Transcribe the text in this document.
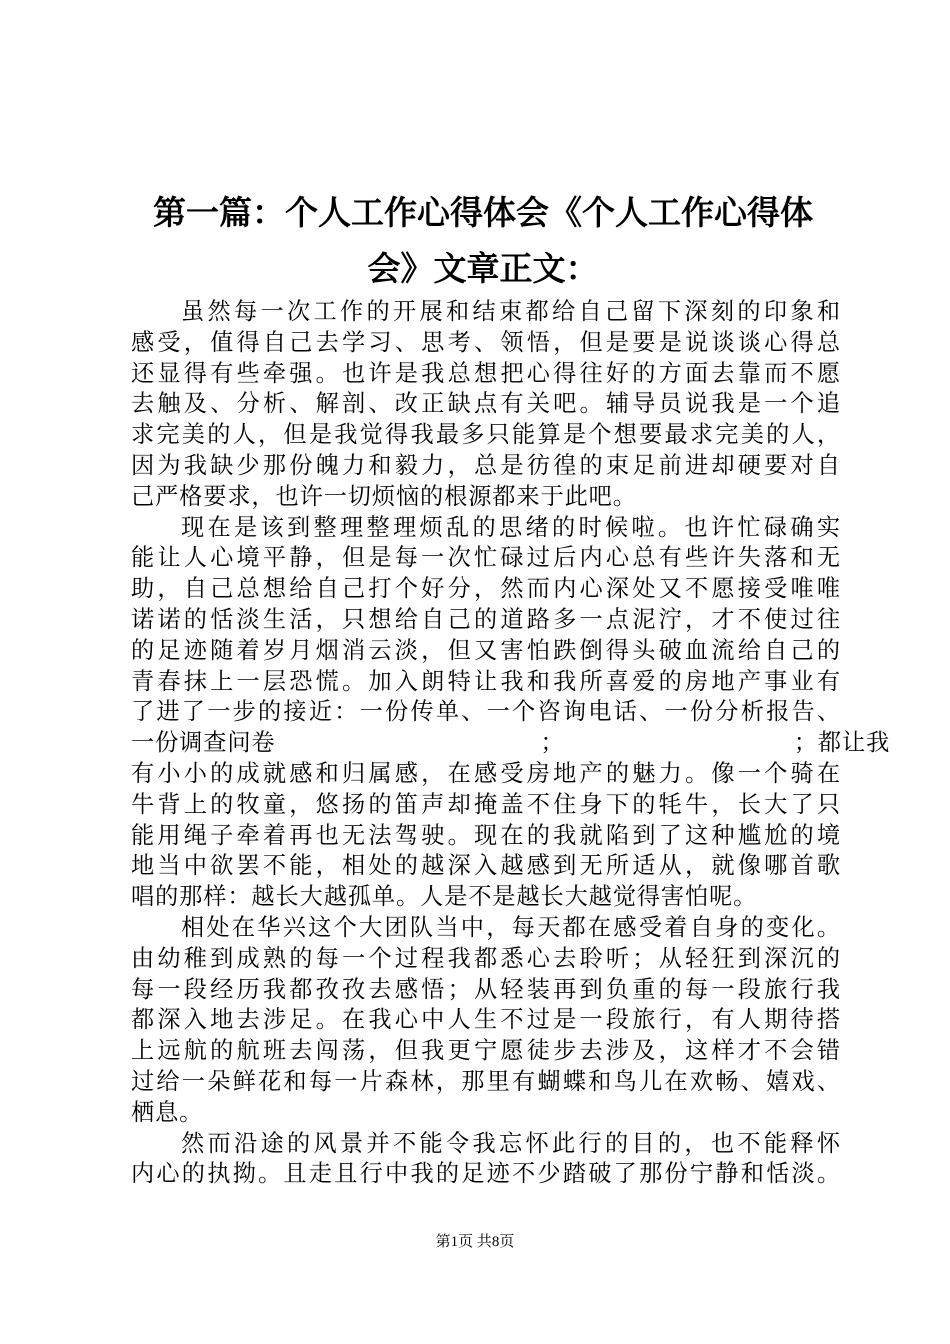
第一篇：个人工作心得体会《个人工作心得体
会》文章正文：

虽然每一次工作的开展和结束都给自己留下深刻的印象和
感受，值得自己去学习、思考、领悟，但是要是说谈谈心得总
还显得有些牵强。也许是我总想把心得往好的方面去靠而不愿
去触及、分析、解剖、改正缺点有关吧。辅导员说我是一个追
求完美的人，但是我觉得我最多只能算是个想要最求完美的人，
因为我缺少那份魄力和毅力，总是彷徨的束足前进却硬要对自
己严格要求，也许一切烦恼的根源都来于此吧。

现在是该到整理整理烦乱的思绪的时候啦。也许忙碌确实
能让人心境平静，但是每一次忙碌过后内心总有些许失落和无
助，自己总想给自己打个好分，然而内心深处又不愿接受唯唯
诺诺的恬淡生活，只想给自己的道路多一点泥泞，才不使过往
的足迹随着岁月烟消云淡，但又害怕跌倒得头破血流给自己的
青春抹上一层恐慌。加入朗特让我和我所喜爱的房地产事业有
了进了一步的接近：一份传单、一个咨询电话、一份分析报告、
一份调查问卷　　　　　　　　　　　；　　　　　　　　　　；都让我
有小小的成就感和归属感，在感受房地产的魅力。像一个骑在
牛背上的牧童，悠扬的笛声却掩盖不住身下的牦牛，长大了只
能用绳子牵着再也无法驾驶。现在的我就陷到了这种尴尬的境
地当中欲罢不能，相处的越深入越感到无所适从，就像哪首歌
唱的那样：越长大越孤单。人是不是越长大越觉得害怕呢。

相处在华兴这个大团队当中，每天都在感受着自身的变化。
由幼稚到成熟的每一个过程我都悉心去聆听；从轻狂到深沉的
每一段经历我都孜孜去感悟；从轻装再到负重的每一段旅行我
都深入地去涉足。在我心中人生不过是一段旅行，有人期待搭
上远航的航班去闯荡，但我更宁愿徒步去涉及，这样才不会错
过给一朵鲜花和每一片森林，那里有蝴蝶和鸟儿在欢畅、嬉戏、
栖息。

然而沿途的风景并不能令我忘怀此行的目的，也不能释怀
内心的执拗。且走且行中我的足迹不少踏破了那份宁静和恬淡。

第1页 共8页
